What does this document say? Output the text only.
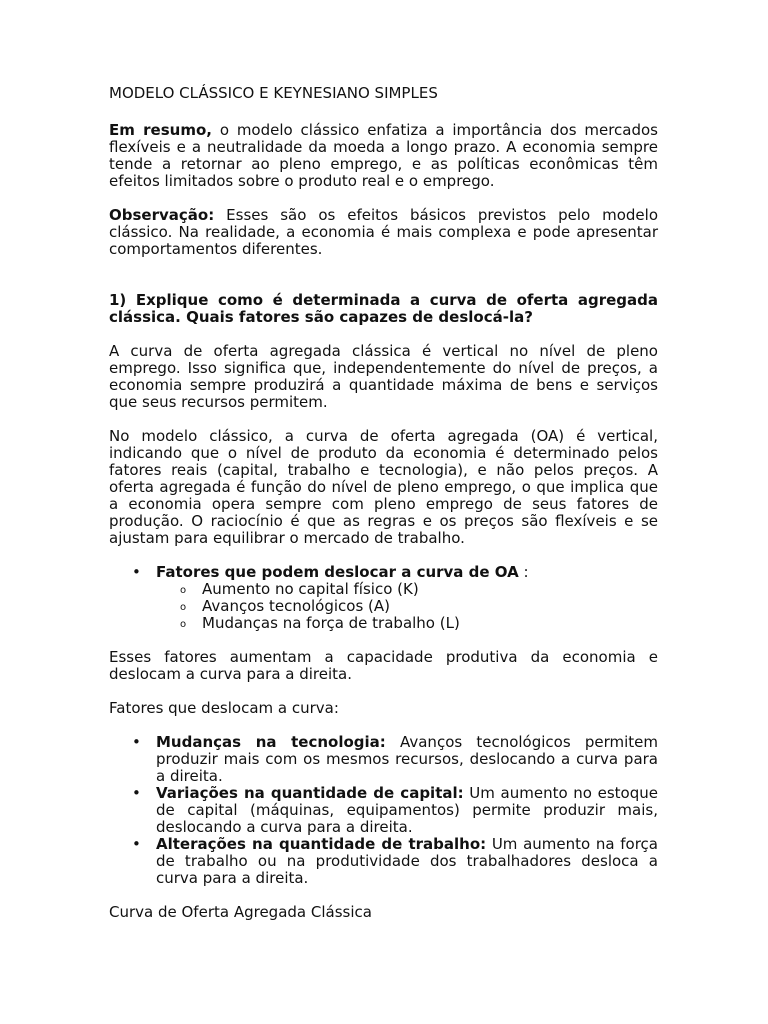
MODELO CLÁSSICO E KEYNESIANO SIMPLES

Em resumo, o modelo clássico enfatiza a importância dos mercados flexíveis e a neutralidade da moeda a longo prazo. A economia sempre tende a retornar ao pleno emprego, e as políticas econômicas têm efeitos limitados sobre o produto real e o emprego.

Observação: Esses são os efeitos básicos previstos pelo modelo clássico. Na realidade, a economia é mais complexa e pode apresentar comportamentos diferentes.

1) Explique como é determinada a curva de oferta agregada clássica. Quais fatores são capazes de deslocá-la?

A curva de oferta agregada clássica é vertical no nível de pleno emprego. Isso significa que, independentemente do nível de preços, a economia sempre produzirá a quantidade máxima de bens e serviços que seus recursos permitem.

No modelo clássico, a curva de oferta agregada (OA) é vertical, indicando que o nível de produto da economia é determinado pelos fatores reais (capital, trabalho e tecnologia), e não pelos preços. A oferta agregada é função do nível de pleno emprego, o que implica que a economia opera sempre com pleno emprego de seus fatores de produção. O raciocínio é que as regras e os preços são flexíveis e se ajustam para equilibrar o mercado de trabalho.

• Fatores que podem deslocar a curva de OA :
o Aumento no capital físico (K)
o Avanços tecnológicos (A)
o Mudanças na força de trabalho (L)

Esses fatores aumentam a capacidade produtiva da economia e deslocam a curva para a direita.

Fatores que deslocam a curva:

• Mudanças na tecnologia: Avanços tecnológicos permitem produzir mais com os mesmos recursos, deslocando a curva para a direita.
• Variações na quantidade de capital: Um aumento no estoque de capital (máquinas, equipamentos) permite produzir mais, deslocando a curva para a direita.
• Alterações na quantidade de trabalho: Um aumento na força de trabalho ou na produtividade dos trabalhadores desloca a curva para a direita.

Curva de Oferta Agregada Clássica
